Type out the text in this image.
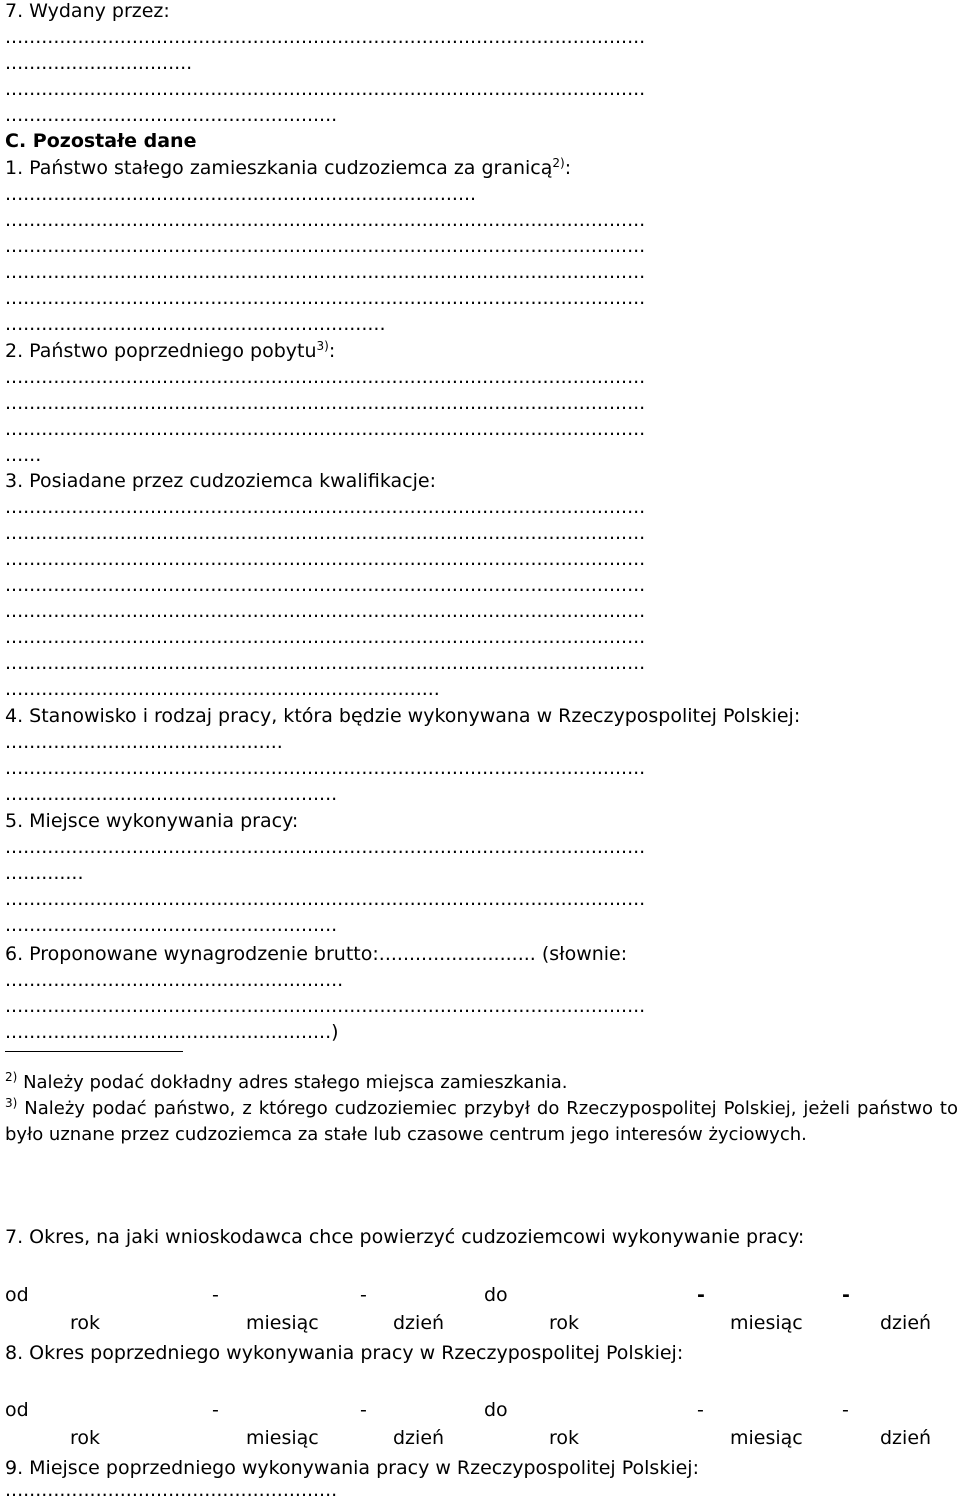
7. Wydany przez:
..........................................................................................................
...............................
..........................................................................................................
.......................................................
C. Pozostałe dane
1. Państwo stałego zamieszkania cudzoziemca za granicą$^{2)}$:
..............................................................................
..........................................................................................................
..........................................................................................................
..........................................................................................................
..........................................................................................................
...............................................................
2. Państwo poprzedniego pobytu$^{3)}$:
..........................................................................................................
..........................................................................................................
..........................................................................................................
......
3. Posiadane przez cudzoziemca kwalifikacje:
..........................................................................................................
..........................................................................................................
..........................................................................................................
..........................................................................................................
..........................................................................................................
..........................................................................................................
..........................................................................................................
........................................................................
4. Stanowisko i rodzaj pracy, która będzie wykonywana w Rzeczypospolitej Polskiej:
..............................................
..........................................................................................................
.......................................................
5. Miejsce wykonywania pracy:
..........................................................................................................
.............
..........................................................................................................
.......................................................
6. Proponowane wynagrodzenie brutto:.......................... (słownie:
........................................................
..........................................................................................................
......................................................)
$^{2)}$ Należy podać dokładny adres stałego miejsca zamieszkania.
$^{3)}$ Należy podać państwo, z którego cudzoziemiec przybył do Rzeczypospolitej Polskiej, jeżeli państwo to było uznane przez cudzoziemca za stałe lub czasowe centrum jego interesów życiowych.
7. Okres, na jaki wnioskodawca chce powierzyć cudzoziemcowi wykonywanie pracy:
od	-	-	do	-	-
rok	miesiąc	dzień	rok	miesiąc	dzień
8. Okres poprzedniego wykonywania pracy w Rzeczypospolitej Polskiej:
od	-	-	do	-	-
rok	miesiąc	dzień	rok	miesiąc	dzień
9. Miejsce poprzedniego wykonywania pracy w Rzeczypospolitej Polskiej:
.......................................................
